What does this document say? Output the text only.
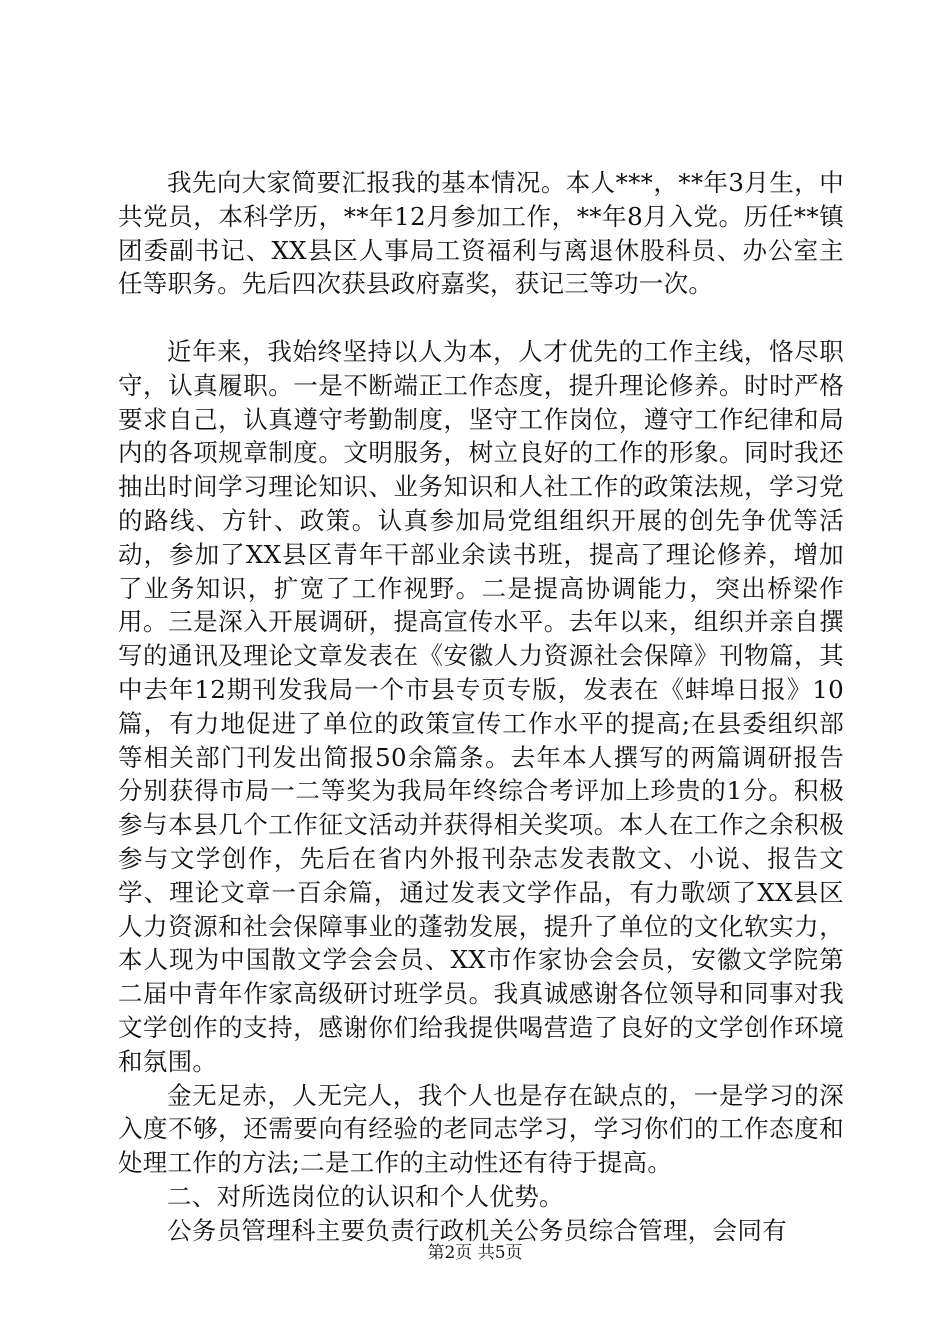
我先向大家简要汇报我的基本情况。本人***，**年3月生，中共党员，本科学历，**年12月参加工作，**年8月入党。历任**镇团委副书记、XX县区人事局工资福利与离退休股科员、办公室主任等职务。先后四次获县政府嘉奖，获记三等功一次。

近年来，我始终坚持以人为本，人才优先的工作主线，恪尽职守，认真履职。一是不断端正工作态度，提升理论修养。时时严格要求自己，认真遵守考勤制度，坚守工作岗位，遵守工作纪律和局内的各项规章制度。文明服务，树立良好的工作的形象。同时我还抽出时间学习理论知识、业务知识和人社工作的政策法规，学习党的路线、方针、政策。认真参加局党组组织开展的创先争优等活动，参加了XX县区青年干部业余读书班，提高了理论修养，增加了业务知识，扩宽了工作视野。二是提高协调能力，突出桥梁作用。三是深入开展调研，提高宣传水平。去年以来，组织并亲自撰写的通讯及理论文章发表在《安徽人力资源社会保障》刊物篇，其中去年12期刊发我局一个市县专页专版，发表在《蚌埠日报》10篇，有力地促进了单位的政策宣传工作水平的提高;在县委组织部等相关部门刊发出简报50余篇条。去年本人撰写的两篇调研报告分别获得市局一二等奖为我局年终综合考评加上珍贵的1分。积极参与本县几个工作征文活动并获得相关奖项。本人在工作之余积极参与文学创作，先后在省内外报刊杂志发表散文、小说、报告文学、理论文章一百余篇，通过发表文学作品，有力歌颂了XX县区人力资源和社会保障事业的蓬勃发展，提升了单位的文化软实力，本人现为中国散文学会会员、XX市作家协会会员，安徽文学院第二届中青年作家高级研讨班学员。我真诚感谢各位领导和同事对我文学创作的支持，感谢你们给我提供喝营造了良好的文学创作环境和氛围。

金无足赤，人无完人，我个人也是存在缺点的，一是学习的深入度不够，还需要向有经验的老同志学习，学习你们的工作态度和处理工作的方法;二是工作的主动性还有待于提高。

二、对所选岗位的认识和个人优势。

公务员管理科主要负责行政机关公务员综合管理，会同有

第2页 共5页
